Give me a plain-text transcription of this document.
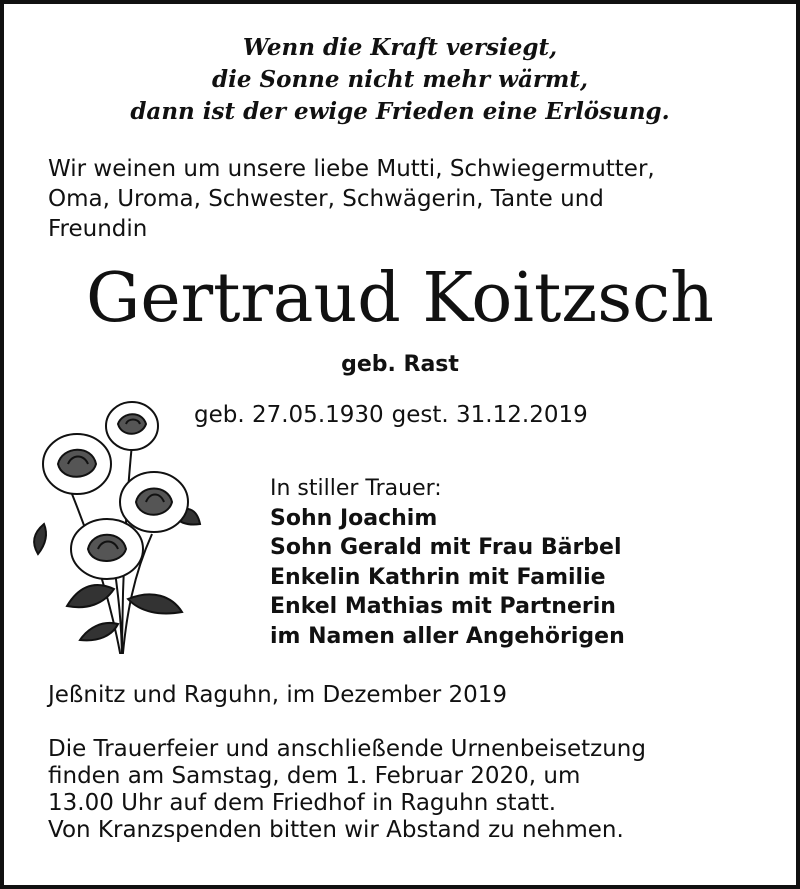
Wenn die Kraft versiegt,
die Sonne nicht mehr wärmt,
dann ist der ewige Frieden eine Erlösung.
Wir weinen um unsere liebe Mutti, Schwiegermutter,
Oma, Uroma, Schwester, Schwägerin, Tante und
Freundin
Gertraud Koitzsch
geb. Rast
geb. 27.05.1930 gest. 31.12.2019
In stiller Trauer:
Sohn Joachim
Sohn Gerald mit Frau Bärbel
Enkelin Kathrin mit Familie
Enkel Mathias mit Partnerin
im Namen aller Angehörigen
Jeßnitz und Raguhn, im Dezember 2019
Die Trauerfeier und anschließende Urnenbeisetzung
finden am Samstag, dem 1. Februar 2020, um
13.00 Uhr auf dem Friedhof in Raguhn statt.
Von Kranzspenden bitten wir Abstand zu nehmen.
